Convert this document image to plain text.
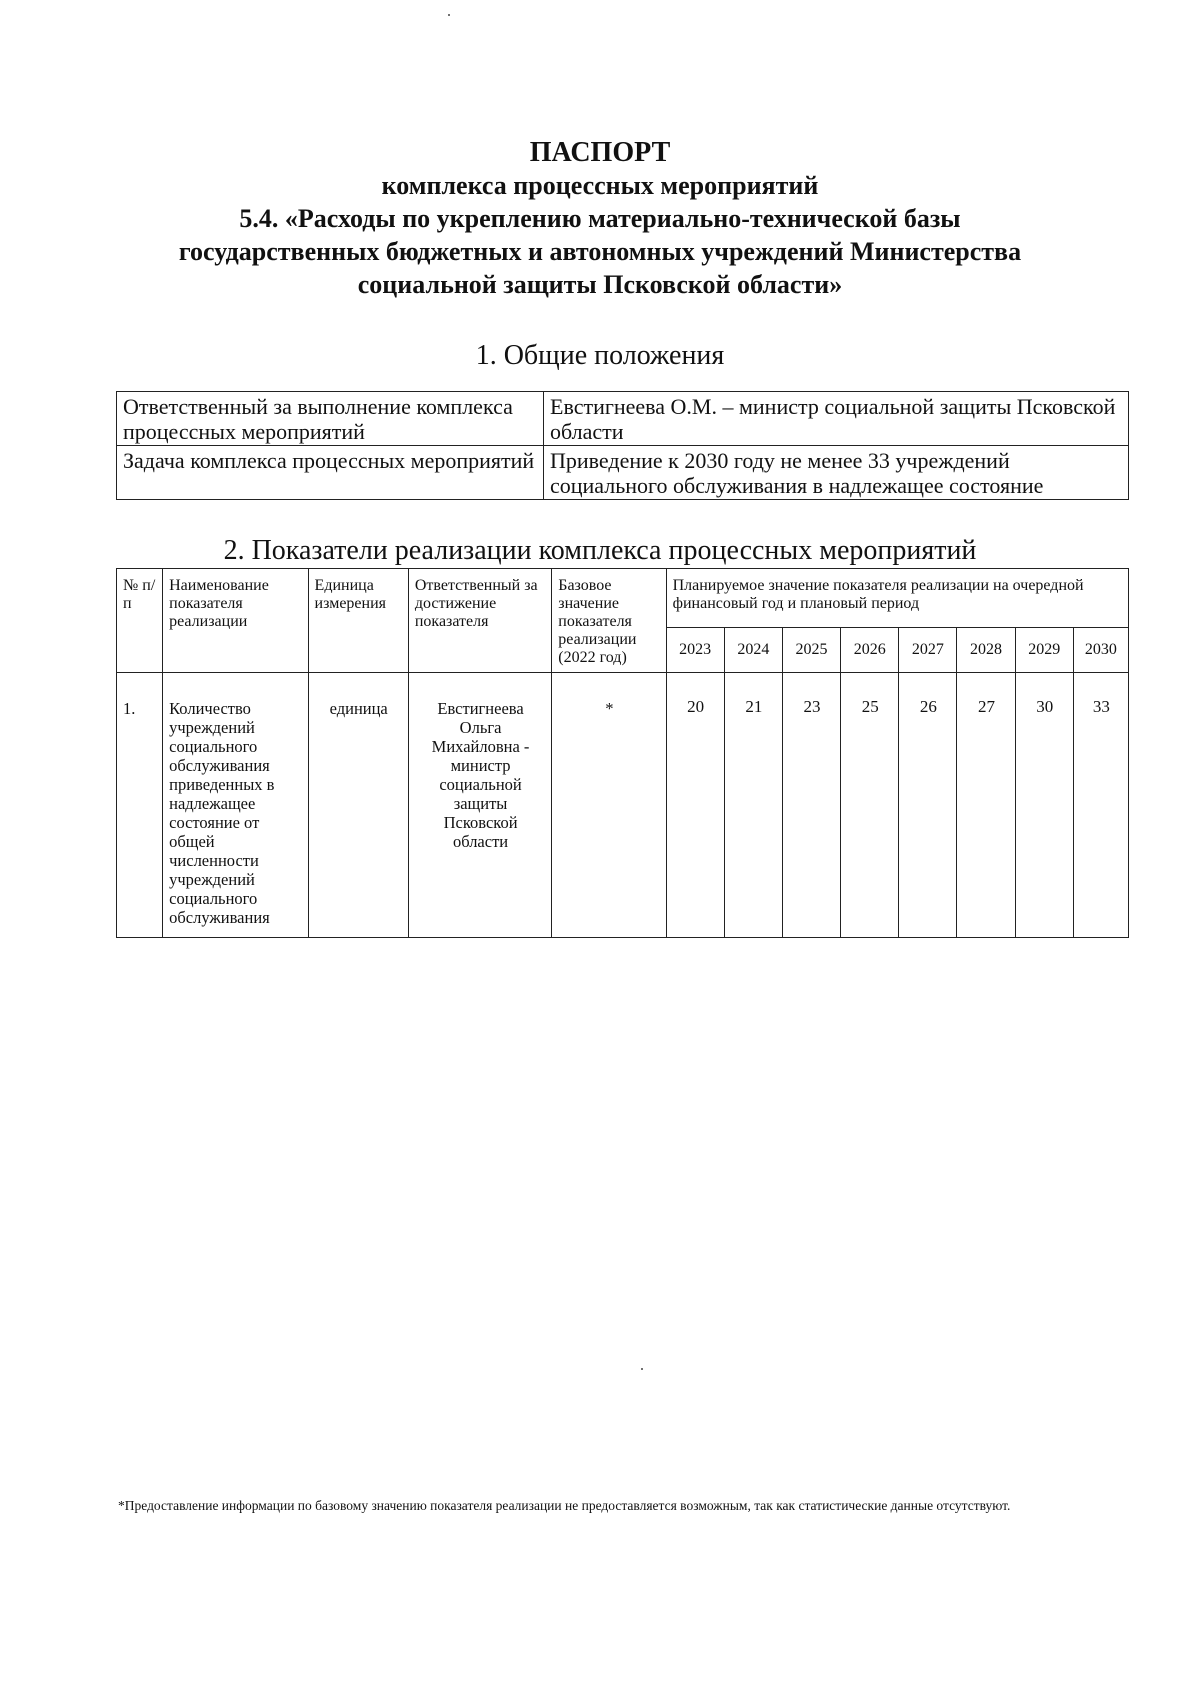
ПАСПОРТ
комплекса процессных мероприятий
5.4. «Расходы по укреплению материально-технической базы
государственных бюджетных и автономных учреждений Министерства
социальной защиты Псковской области»
1. Общие положения
Ответственный за выполнение комплекса процессных мероприятий	Евстигнеева О.М. – министр социальной защиты Псковской области
Задача комплекса процессных мероприятий	Приведение к 2030 году не менее 33 учреждений социального обслуживания в надлежащее состояние
2. Показатели реализации комплекса процессных мероприятий
№ п/п	Наименование показателя реализации	Единица измерения	Ответственный за достижение показателя	Базовое значение показателя реализации (2022 год)	Планируемое значение показателя реализации на очередной финансовый год и плановый период							
					2023	2024	2025	2026	2027	2028	2029	2030
1.	Количество учреждений социального обслуживания приведенных в надлежащее состояние от общей численности учреждений социального обслуживания	единица	Евстигнеева Ольга Михайловна - министр социальной защиты Псковской области	*	20	21	23	25	26	27	30	33
*Предоставление информации по базовому значению показателя реализации не предоставляется возможным, так как статистические данные отсутствуют.
